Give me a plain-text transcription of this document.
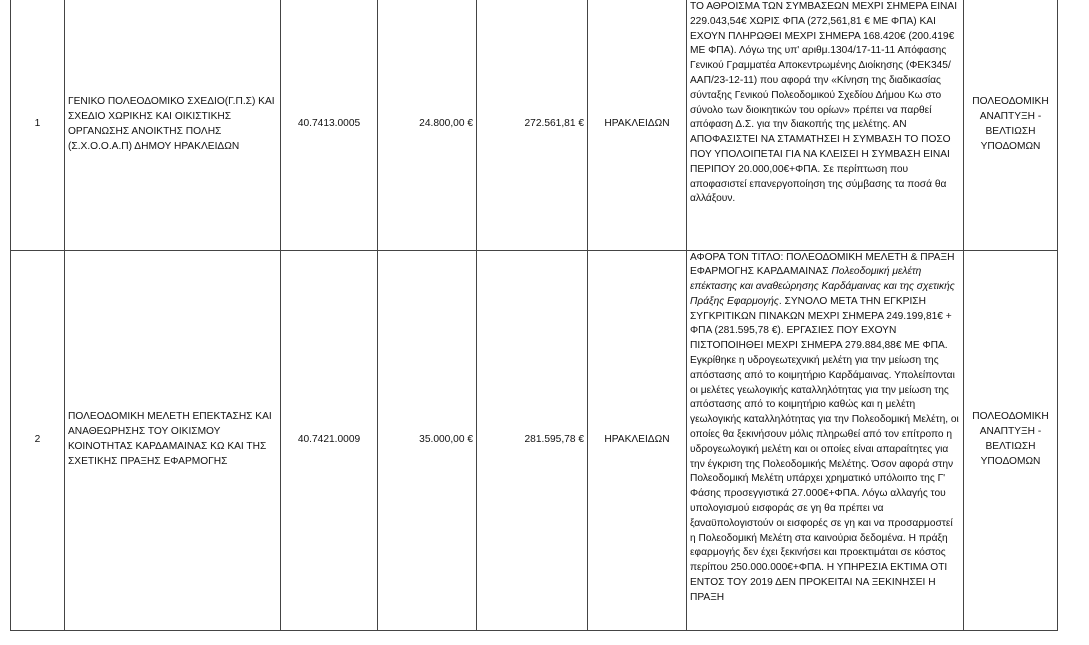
1	ΓΕΝΙΚΟ ΠΟΛΕΟΔΟΜΙΚΟ ΣΧΕΔΙΟ(Γ.Π.Σ) ΚΑΙ ΣΧΕΔΙΟ ΧΩΡΙΚΗΣ ΚΑΙ ΟΙΚΙΣΤΙΚΗΣ ΟΡΓΑΝΩΣΗΣ ΑΝΟΙΚΤΗΣ ΠΟΛΗΣ (Σ.Χ.Ο.Ο.Α.Π) ΔΗΜΟΥ ΗΡΑΚΛΕΙΔΩΝ	40.7413.0005	24.800,00 €	272.561,81 €	ΗΡΑΚΛΕΙΔΩΝ	ΤΟ ΑΘΡΟΙΣΜΑ ΤΩΝ ΣΥΜΒΑΣΕΩΝ ΜΕΧΡΙ ΣΗΜΕΡΑ ΕΙΝΑΙ 229.043,54€ ΧΩΡΙΣ ΦΠΑ (272,561,81 € ΜΕ ΦΠΑ) ΚΑΙ ΕΧΟΥΝ ΠΛΗΡΩΘΕΙ ΜΕΧΡΙ ΣΗΜΕΡΑ 168.420€ (200.419€ ΜΕ ΦΠΑ). Λόγω της υπ' αριθμ.1304/17-11-11 Απόφασης Γενικού Γραμματέα Αποκεντρωμένης Διοίκησης (ΦΕΚ345/ΑΑΠ/23-12-11) που αφορά την «Κίνηση της διαδικασίας σύνταξης Γενικού Πολεοδομικού Σχεδίου Δήμου Κω στο σύνολο των διοικητικών του ορίων» πρέπει να παρθεί απόφαση Δ.Σ. για την διακοπής της μελέτης. ΑΝ ΑΠΟΦΑΣΙΣΤΕΙ ΝΑ ΣΤΑΜΑΤΗΣΕΙ Η ΣΥΜΒΑΣΗ ΤΟ ΠΟΣΟ ΠΟΥ ΥΠΟΛΟΙΠΕΤΑΙ ΓΙΑ ΝΑ ΚΛΕΙΣΕΙ Η ΣΥΜΒΑΣΗ ΕΙΝΑΙ ΠΕΡΙΠΟΥ 20.000,00€+ΦΠΑ. Σε περίπτωση που αποφασιστεί επανεργοποίηση της σύμβασης τα ποσά θα αλλάξουν.	ΠΟΛΕΟΔΟΜΙΚΗ ΑΝΑΠΤΥΞΗ - ΒΕΛΤΙΩΣΗ ΥΠΟΔΟΜΩΝ
2	ΠΟΛΕΟΔΟΜΙΚΗ ΜΕΛΕΤΗ ΕΠΕΚΤΑΣΗΣ ΚΑΙ ΑΝΑΘΕΩΡΗΣΗΣ ΤΟΥ ΟΙΚΙΣΜΟΥ ΚΟΙΝΟΤΗΤΑΣ ΚΑΡΔΑΜΑΙΝΑΣ ΚΩ ΚΑΙ ΤΗΣ ΣΧΕΤΙΚΗΣ ΠΡΑΞΗΣ ΕΦΑΡΜΟΓΗΣ	40.7421.0009	35.000,00 €	281.595,78 €	ΗΡΑΚΛΕΙΔΩΝ	ΑΦΟΡΑ ΤΟΝ ΤΙΤΛΟ: ΠΟΛΕΟΔΟΜΙΚΗ ΜΕΛΕΤΗ & ΠΡΑΞΗ ΕΦΑΡΜΟΓΗΣ ΚΑΡΔΑΜΑΙΝΑΣ Πολεοδομική μελέτη επέκτασης και αναθεώρησης Καρδάμαινας και της σχετικής Πράξης Εφαρμογής. ΣΥΝΟΛΟ ΜΕΤΑ ΤΗΝ ΕΓΚΡΙΣΗ ΣΥΓΚΡΙΤΙΚΩΝ ΠΙΝΑΚΩΝ ΜΕΧΡΙ ΣΗΜΕΡΑ 249.199,81€ + ΦΠΑ (281.595,78 €). ΕΡΓΑΣΙΕΣ ΠΟΥ ΕΧΟΥΝ ΠΙΣΤΟΠΟΙΗΘΕΙ ΜΕΧΡΙ ΣΗΜΕΡΑ 279.884,88€ ΜΕ ΦΠΑ. Εγκρίθηκε η υδρογεωτεχνική μελέτη για την μείωση της απόστασης από το κοιμητήριο Καρδάμαινας. Υπολείπονται οι μελέτες γεωλογικής καταλληλότητας για την μείωση της απόστασης από το κοιμητήριο καθώς και η μελέτη γεωλογικής καταλληλότητας για την Πολεοδομική Μελέτη, οι οποίες θα ξεκινήσουν μόλις πληρωθεί από τον επίτροπο η υδρογεωλογική μελέτη και οι οποίες είναι απαραίτητες για την έγκριση της Πολεοδομικής Μελέτης. Όσον αφορά στην Πολεοδομική Μελέτη υπάρχει χρηματικό υπόλοιπο της Γ' Φάσης προσεγγιστικά 27.000€+ΦΠΑ. Λόγω αλλαγής του υπολογισμού εισφοράς σε γη θα πρέπει να ξαναϋπολογιστούν οι εισφορές σε γη και να προσαρμοστεί η Πολεοδομική Μελέτη στα καινούρια δεδομένα. Η πράξη εφαρμογής δεν έχει ξεκινήσει και προεκτιμάται σε κόστος περίπου 250.000.000€+ΦΠΑ. Η ΥΠΗΡΕΣΙΑ ΕΚΤΙΜΑ ΟΤΙ ΕΝΤΟΣ ΤΟΥ 2019 ΔΕΝ ΠΡΟΚΕΙΤΑΙ ΝΑ ΞΕΚΙΝΗΣΕΙ Η ΠΡΑΞΗ	ΠΟΛΕΟΔΟΜΙΚΗ ΑΝΑΠΤΥΞΗ - ΒΕΛΤΙΩΣΗ ΥΠΟΔΟΜΩΝ
